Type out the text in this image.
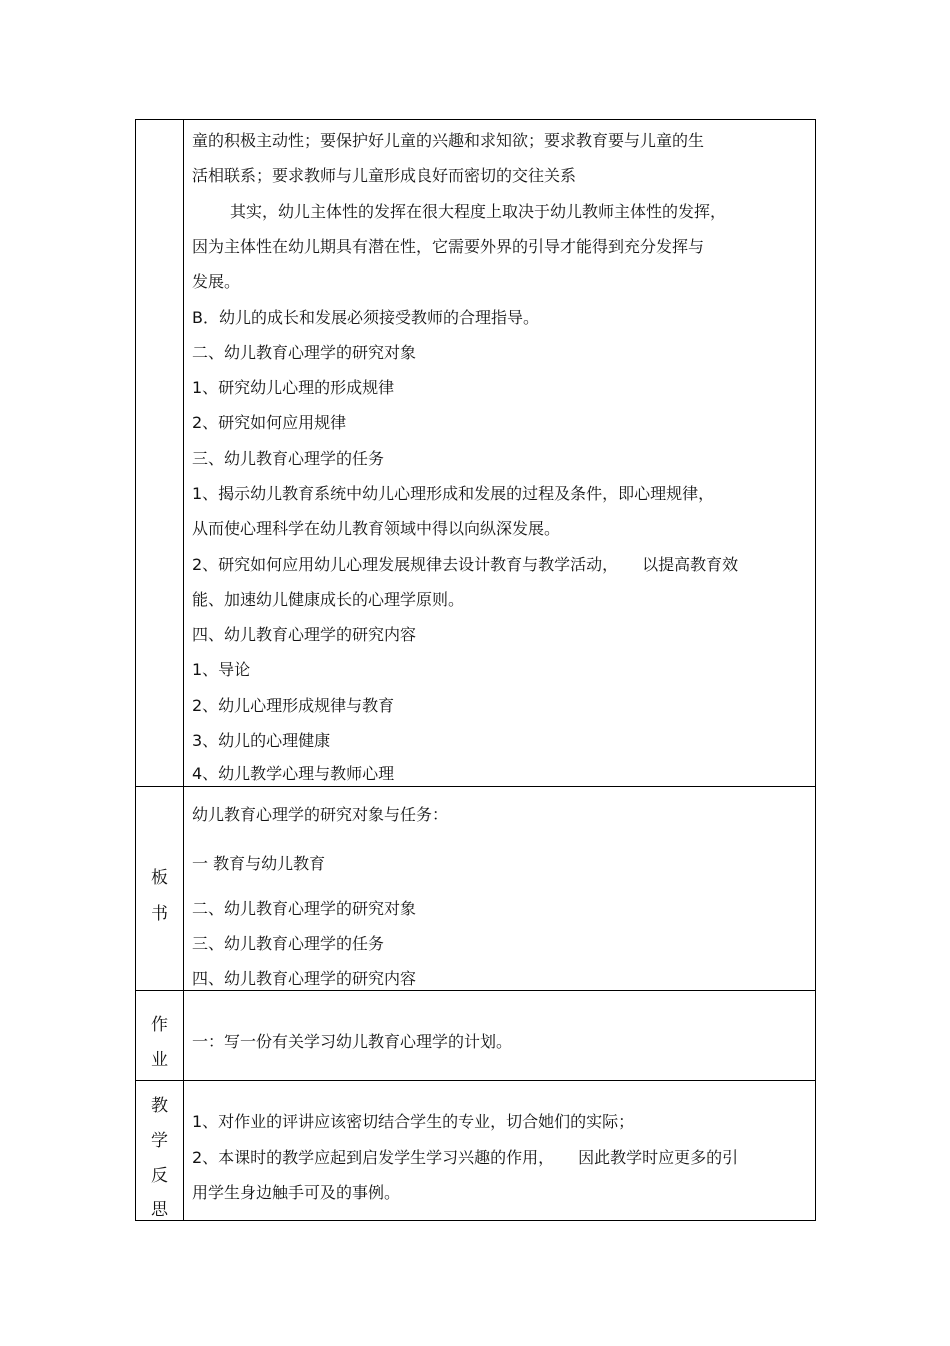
童的积极主动性；要保护好儿童的兴趣和求知欲；要求教育要与儿童的生
活相联系；要求教师与儿童形成良好而密切的交往关系
其实，幼儿主体性的发挥在很大程度上取决于幼儿教师主体性的发挥，
因为主体性在幼儿期具有潜在性，它需要外界的引导才能得到充分发挥与
发展。
B．幼儿的成长和发展必须接受教师的合理指导。
二、幼儿教育心理学的研究对象
1、研究幼儿心理的形成规律
2、研究如何应用规律
三、幼儿教育心理学的任务
1、揭示幼儿教育系统中幼儿心理形成和发展的过程及条件，即心理规律，
从而使心理科学在幼儿教育领域中得以向纵深发展。
2、研究如何应用幼儿心理发展规律去设计教育与教学活动，　　以提高教育效
能、加速幼儿健康成长的心理学原则。
四、幼儿教育心理学的研究内容
1、导论
2、幼儿心理形成规律与教育
3、幼儿的心理健康
4、幼儿教学心理与教师心理
板
书
幼儿教育心理学的研究对象与任务：
一 教育与幼儿教育
二、幼儿教育心理学的研究对象
三、幼儿教育心理学的任务
四、幼儿教育心理学的研究内容
作
业
一：写一份有关学习幼儿教育心理学的计划。
教
学
反
思
1、对作业的评讲应该密切结合学生的专业，切合她们的实际；
2、本课时的教学应起到启发学生学习兴趣的作用，　　因此教学时应更多的引
用学生身边触手可及的事例。
